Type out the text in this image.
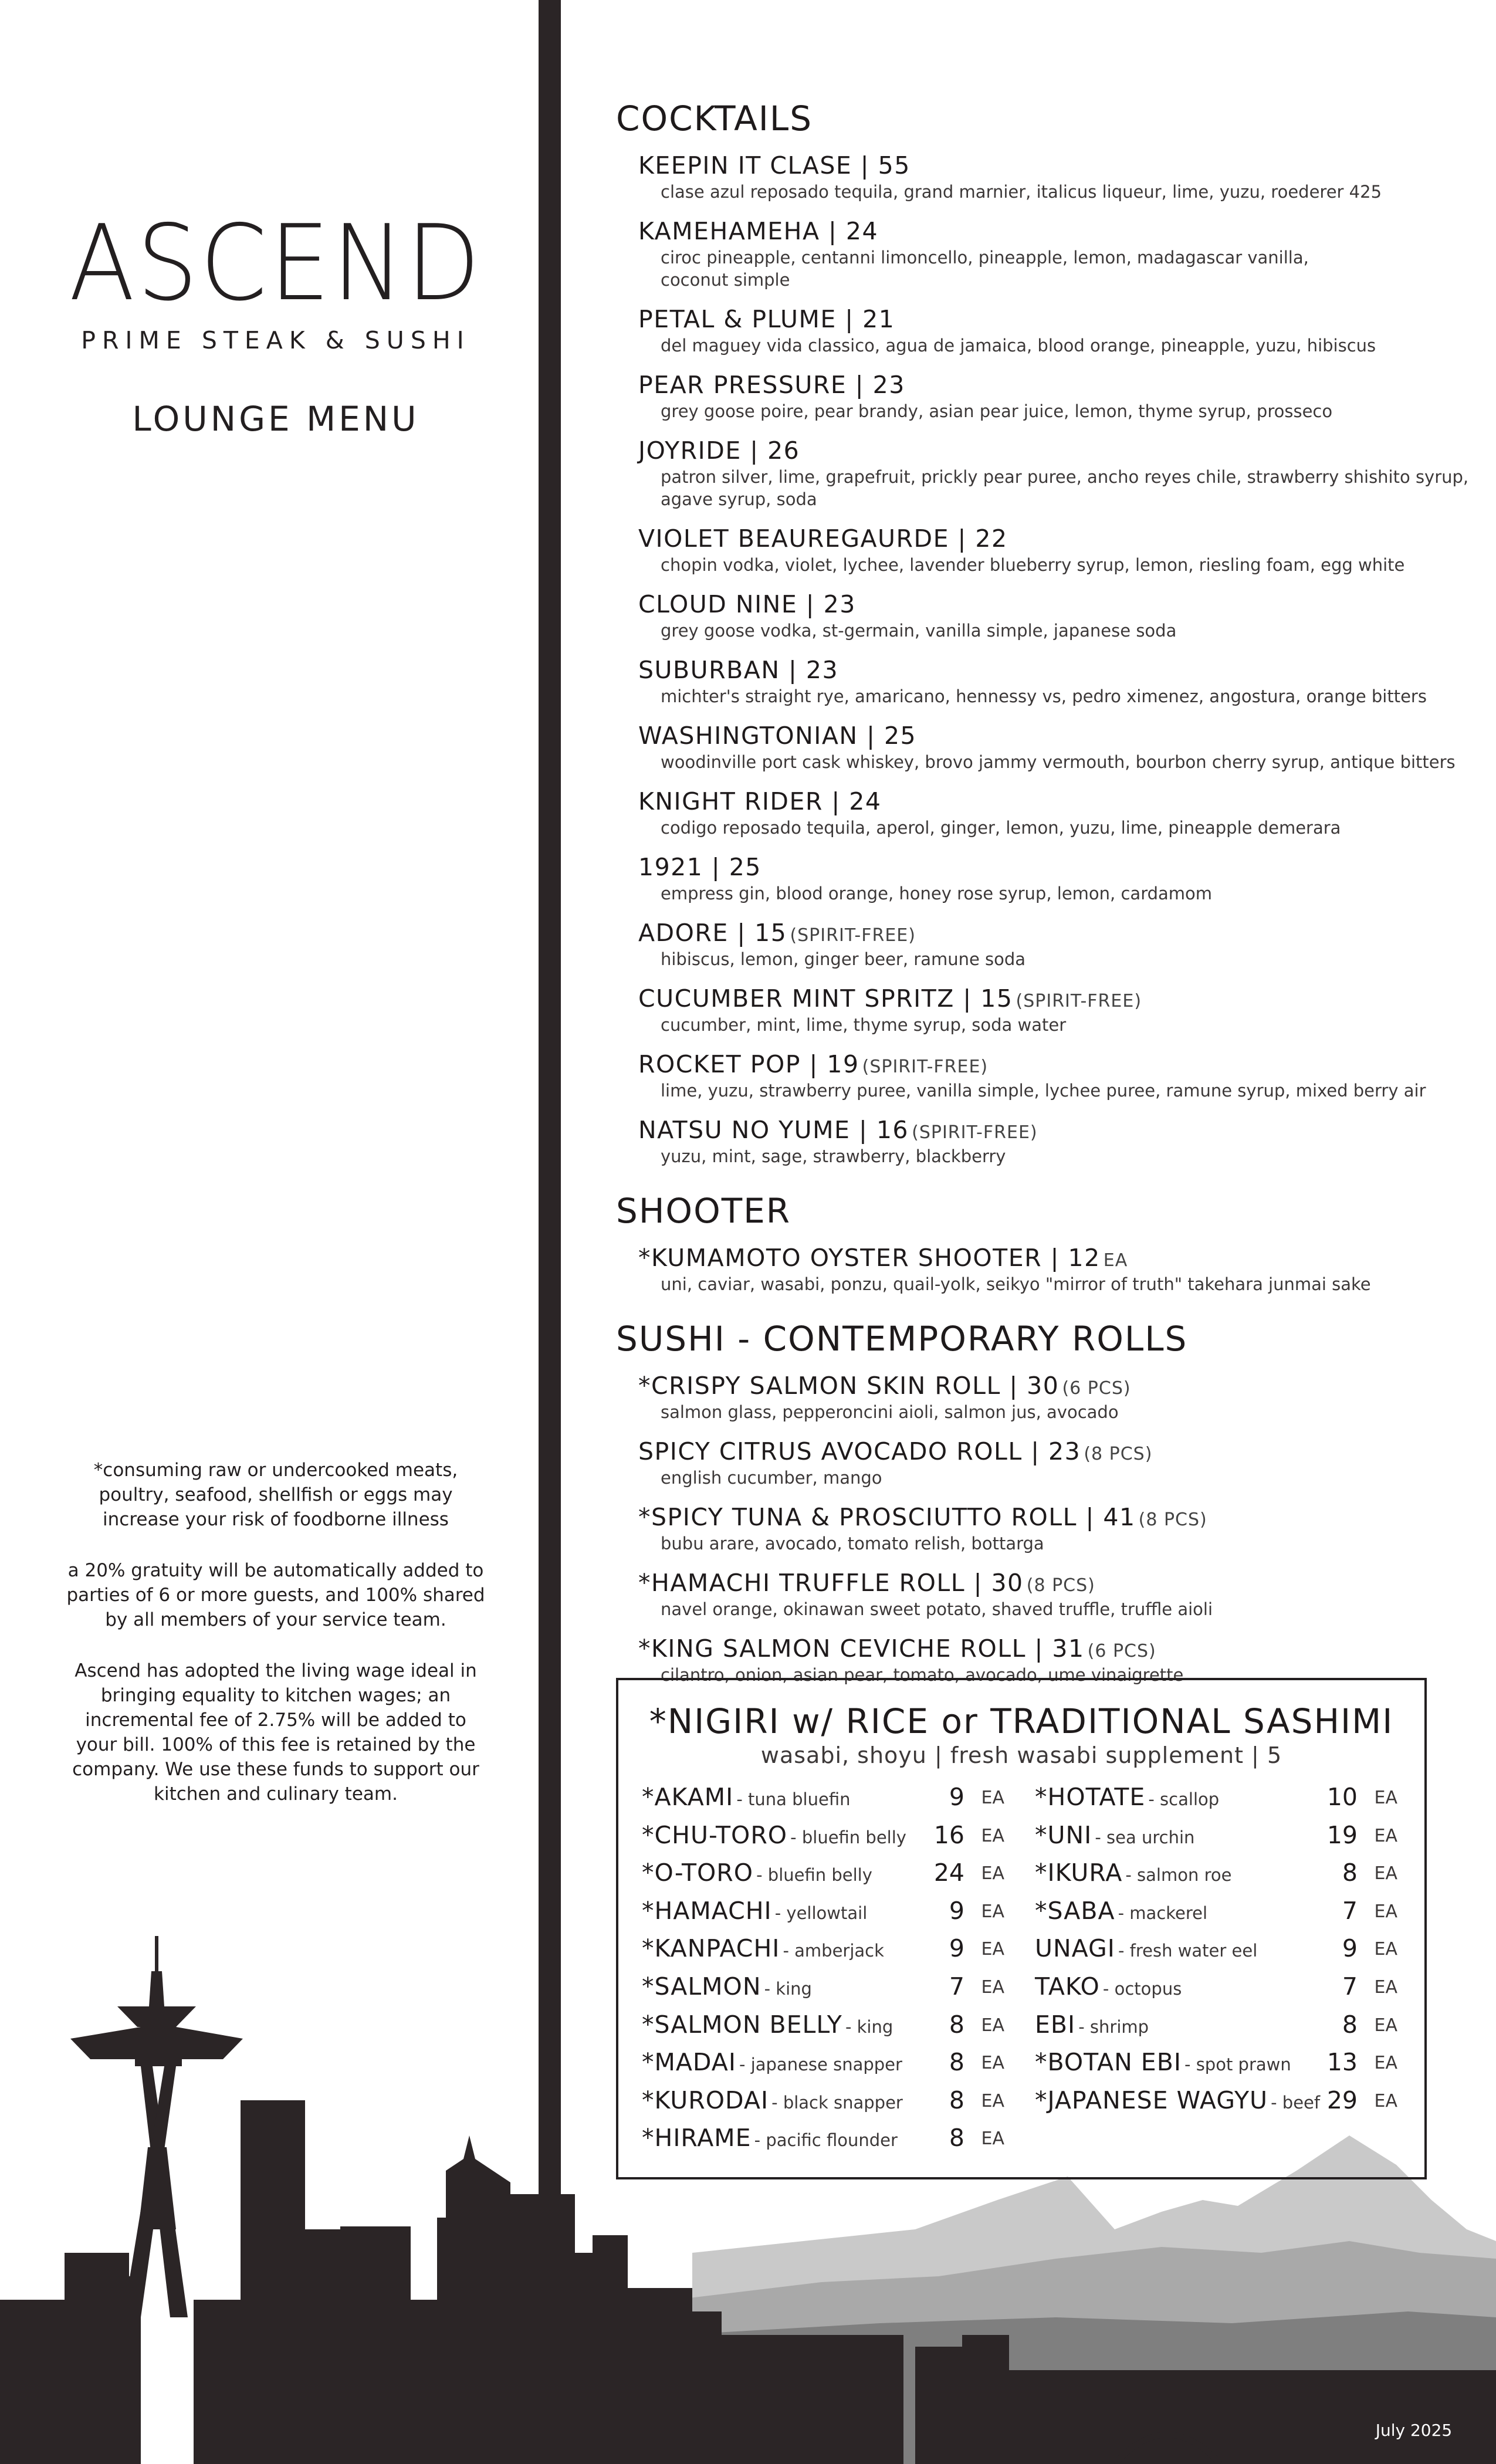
ASCEND
PRIME STEAK & SUSHI
LOUNGE MENU

*consuming raw or undercooked meats, poultry, seafood, shellfish or eggs may increase your risk of foodborne illness

a 20% gratuity will be automatically added to parties of 6 or more guests, and 100% shared by all members of your service team.

Ascend has adopted the living wage ideal in bringing equality to kitchen wages; an incremental fee of 2.75% will be added to your bill. 100% of this fee is retained by the company. We use these funds to support our kitchen and culinary team.

COCKTAILS
KEEPIN IT CLASE | 55
clase azul reposado tequila, grand marnier, italicus liqueur, lime, yuzu, roederer 425
KAMEHAMEHA | 24
ciroc pineapple, centanni limoncello, pineapple, lemon, madagascar vanilla, coconut simple
PETAL & PLUME | 21
del maguey vida classico, agua de jamaica, blood orange, pineapple, yuzu, hibiscus
PEAR PRESSURE | 23
grey goose poire, pear brandy, asian pear juice, lemon, thyme syrup, prosseco
JOYRIDE | 26
patron silver, lime, grapefruit, prickly pear puree, ancho reyes chile, strawberry shishito syrup, agave syrup, soda
VIOLET BEAUREGAURDE | 22
chopin vodka, violet, lychee, lavender blueberry syrup, lemon, riesling foam, egg white
CLOUD NINE | 23
grey goose vodka, st-germain, vanilla simple, japanese soda
SUBURBAN | 23
michter's straight rye, amaricano, hennessy vs, pedro ximenez, angostura, orange bitters
WASHINGTONIAN | 25
woodinville port cask whiskey, brovo jammy vermouth, bourbon cherry syrup, antique bitters
KNIGHT RIDER | 24
codigo reposado tequila, aperol, ginger, lemon, yuzu, lime, pineapple demerara
1921 | 25
empress gin, blood orange, honey rose syrup, lemon, cardamom
ADORE | 15 (SPIRIT-FREE)
hibiscus, lemon, ginger beer, ramune soda
CUCUMBER MINT SPRITZ | 15 (SPIRIT-FREE)
cucumber, mint, lime, thyme syrup, soda water
ROCKET POP | 19 (SPIRIT-FREE)
lime, yuzu, strawberry puree, vanilla simple, lychee puree, ramune syrup, mixed berry air
NATSU NO YUME | 16 (SPIRIT-FREE)
yuzu, mint, sage, strawberry, blackberry
SHOOTER
*KUMAMOTO OYSTER SHOOTER | 12 EA
uni, caviar, wasabi, ponzu, quail-yolk, seikyo "mirror of truth" takehara junmai sake
SUSHI - CONTEMPORARY ROLLS
*CRISPY SALMON SKIN ROLL | 30 (6 PCS)
salmon glass, pepperoncini aioli, salmon jus, avocado
SPICY CITRUS AVOCADO ROLL | 23 (8 PCS)
english cucumber, mango
*SPICY TUNA & PROSCIUTTO ROLL | 41 (8 PCS)
bubu arare, avocado, tomato relish, bottarga
*HAMACHI TRUFFLE ROLL | 30 (8 PCS)
navel orange, okinawan sweet potato, shaved truffle, truffle aioli
*KING SALMON CEVICHE ROLL | 31 (6 PCS)
cilantro, onion, asian pear, tomato, avocado, ume vinaigrette
*NIGIRI w/ RICE or TRADITIONAL SASHIMI
wasabi, shoyu | fresh wasabi supplement | 5
*AKAMI - tuna bluefin	9 EA
*CHU-TORO - bluefin belly 16 EA
*O-TORO - bluefin belly	24 EA
*HAMACHI - yellowtail	9 EA
*KANPACHI - amberjack	9 EA
*SALMON - king	7 EA
*SALMON BELLY - king 8 EA
*MADAI - japanese snapper 8 EA
*KURODAI - black snapper 8 EA
*HIRAME - pacific flounder 8 EA
*HOTATE - scallop	10 EA
*UNI - sea urchin	19 EA
*IKURA - salmon roe	8 EA
*SABA - mackerel	7 EA
UNAGI - fresh water eel	9 EA
TAKO - octopus	7 EA
EBI - shrimp	8 EA
*BOTAN EBI - spot prawn 13 EA
*JAPANESE WAGYU - beef 29 EA
July 2025
